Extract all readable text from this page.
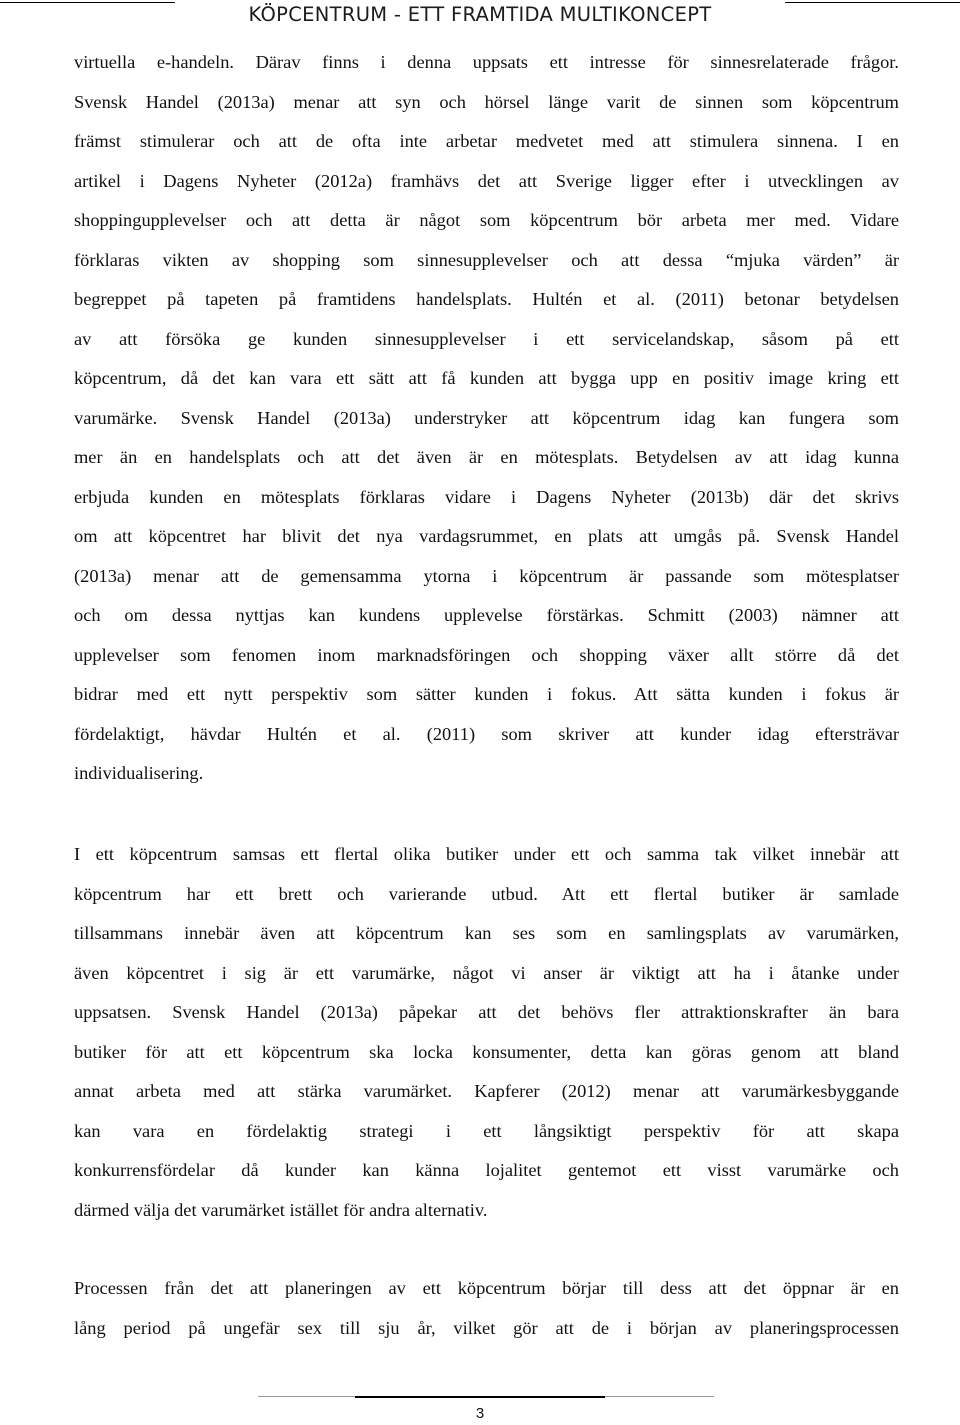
KÖPCENTRUM - ETT FRAMTIDA MULTIKONCEPT
virtuella e-handeln. Därav finns i denna uppsats ett intresse för sinnesrelaterade frågor.
Svensk Handel (2013a) menar att syn och hörsel länge varit de sinnen som köpcentrum
främst stimulerar och att de ofta inte arbetar medvetet med att stimulera sinnena. I en
artikel i Dagens Nyheter (2012a) framhävs det att Sverige ligger efter i utvecklingen av
shoppingupplevelser och att detta är något som köpcentrum bör arbeta mer med. Vidare
förklaras vikten av shopping som sinnesupplevelser och att dessa “mjuka värden” är
begreppet på tapeten på framtidens handelsplats. Hultén et al. (2011) betonar betydelsen
av att försöka ge kunden sinnesupplevelser i ett servicelandskap, såsom på ett
köpcentrum, då det kan vara ett sätt att få kunden att bygga upp en positiv image kring ett
varumärke. Svensk Handel (2013a) understryker att köpcentrum idag kan fungera som
mer än en handelsplats och att det även är en mötesplats. Betydelsen av att idag kunna
erbjuda kunden en mötesplats förklaras vidare i Dagens Nyheter (2013b) där det skrivs
om att köpcentret har blivit det nya vardagsrummet, en plats att umgås på. Svensk Handel
(2013a) menar att de gemensamma ytorna i köpcentrum är passande som mötesplatser
och om dessa nyttjas kan kundens upplevelse förstärkas. Schmitt (2003) nämner att
upplevelser som fenomen inom marknadsföringen och shopping växer allt större då det
bidrar med ett nytt perspektiv som sätter kunden i fokus. Att sätta kunden i fokus är
fördelaktigt, hävdar Hultén et al. (2011) som skriver att kunder idag eftersträvar
individualisering.
I ett köpcentrum samsas ett flertal olika butiker under ett och samma tak vilket innebär att
köpcentrum har ett brett och varierande utbud. Att ett flertal butiker är samlade
tillsammans innebär även att köpcentrum kan ses som en samlingsplats av varumärken,
även köpcentret i sig är ett varumärke, något vi anser är viktigt att ha i åtanke under
uppsatsen. Svensk Handel (2013a) påpekar att det behövs fler attraktionskrafter än bara
butiker för att ett köpcentrum ska locka konsumenter, detta kan göras genom att bland
annat arbeta med att stärka varumärket. Kapferer (2012) menar att varumärkesbyggande
kan vara en fördelaktig strategi i ett långsiktigt perspektiv för att skapa
konkurrensfördelar då kunder kan känna lojalitet gentemot ett visst varumärke och
därmed välja det varumärket istället för andra alternativ.
Processen från det att planeringen av ett köpcentrum börjar till dess att det öppnar är en
lång period på ungefär sex till sju år, vilket gör att de i början av planeringsprocessen
3
